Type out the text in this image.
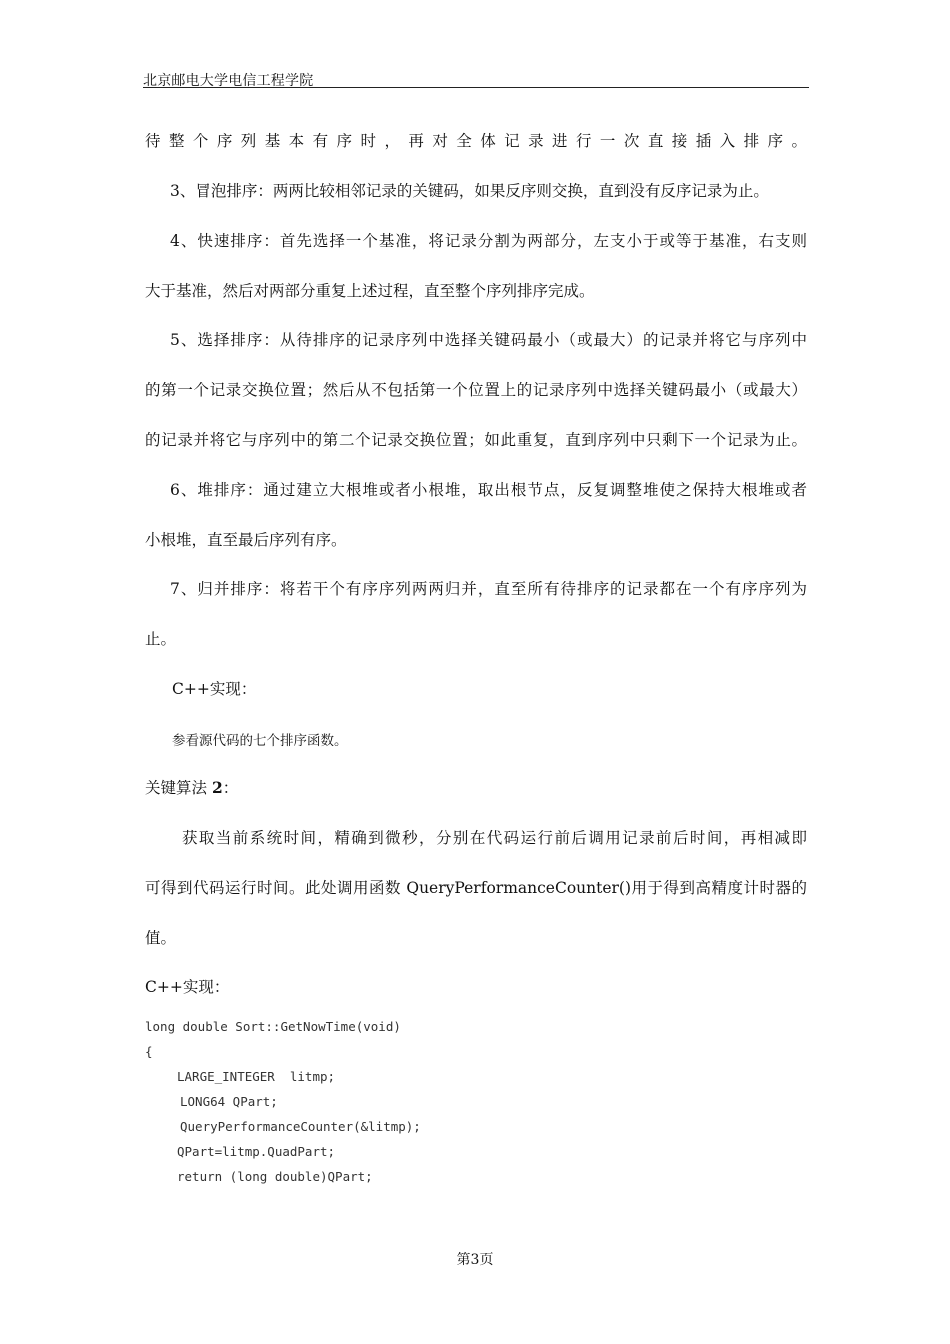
北京邮电大学电信工程学院
待整个序列基本有序时，再对全体记录进行一次直接插入排序。
3、冒泡排序：两两比较相邻记录的关键码，如果反序则交换，直到没有反序记录为止。
4、快速排序：首先选择一个基准，将记录分割为两部分，左支小于或等于基准，右支则
大于基准，然后对两部分重复上述过程，直至整个序列排序完成。
5、选择排序：从待排序的记录序列中选择关键码最小（或最大）的记录并将它与序列中
的第一个记录交换位置；然后从不包括第一个位置上的记录序列中选择关键码最小（或最大）
的记录并将它与序列中的第二个记录交换位置；如此重复，直到序列中只剩下一个记录为止。
6、堆排序：通过建立大根堆或者小根堆，取出根节点，反复调整堆使之保持大根堆或者
小根堆，直至最后序列有序。
7、归并排序：将若干个有序序列两两归并，直至所有待排序的记录都在一个有序序列为
止。
C++实现：
参看源代码的七个排序函数。
关键算法 2：
获取当前系统时间，精确到微秒，分别在代码运行前后调用记录前后时间，再相减即
可得到代码运行时间。此处调用函数 QueryPerformanceCounter()用于得到高精度计时器的
值。
C++实现：
long double Sort::GetNowTime(void)
{
LARGE_INTEGER  litmp;
LONG64 QPart;
QueryPerformanceCounter(&litmp);
QPart=litmp.QuadPart;
return (long double)QPart;
第3页
